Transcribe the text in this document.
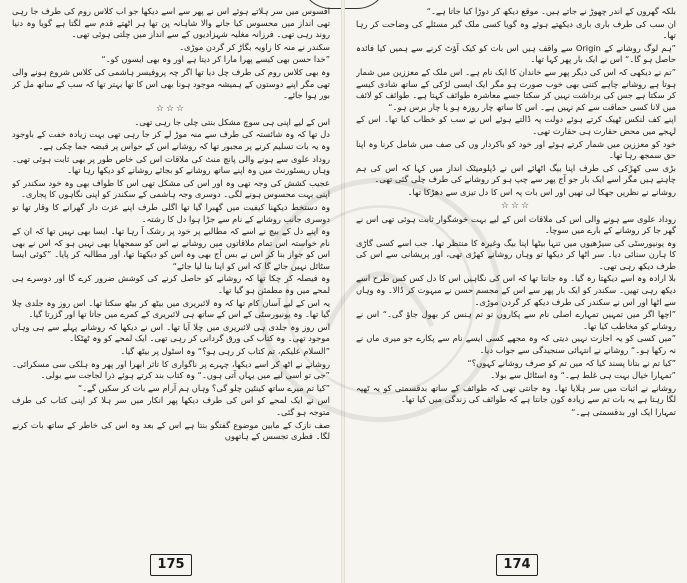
افسوس میں سر ہلاتے ہوئے اس نے پھر سے اسے دیکھا جو اب کلاس روم کی طرف جا رہی تھی انداز میں محسوس کیا جانے والا شاہانہ پن تھا ہر اٹھتے قدم سے لگتا ہے گویا وہ دنیا روند رہی تھی۔ فرزانہ مغلیہ شہزادیوں کے سے انداز میں چلتی ہوئی تھی۔

سکندر نے منہ کا زاویہ بگاڑ کر گردن موڑی۔

”خدا حسن بھی کیسے پھرا مارا کر دیتا ہے اور وہ بھی ایسوں کو۔“

وہ بھی کلاس روم کی طرف چل دیا تھا اگر چہ پروفیسر ہاشمی کی کلاس شروع ہونے والی تھی مگر اپنے دوستوں کے ہمیشہ موجود ہونا بھی اس کا تھا بہتر تھا کہ سب کے ساتھ مل کر بور ہوا جائے۔

☆☆☆

اس کے لیے اپنی ہی سوچ مشکل بنتی چلی جا رہی تھی۔

دل تھا کہ وہ شائستہ کی طرف سے منہ موڑ لے کر جا رہی تھی بہت زیادہ خفت کے باوجود وہ یہ بات تسلیم کرنے پر مجبور تھا کہ روشانے اس کے حواس پر قبضہ جما چکی ہے۔

روداد علوی سے ہونے والی پانچ منٹ کی ملاقات اس کی خاص طور پر بھی ثابت ہوئی تھی۔ وہاں ریسٹورنٹ میں وہ اپنے ساتھ روشانے کو بجائے روشانے کو دیکھا رہا تھا۔

عجیب کشش کی وجہ تھی وہ اور اس کی مشکل تھی اس کا طواف بھی وہ خود سکندر کو اپنی بہت محسوس ہونے لگی۔ دوسری وجہ ہاشمی کے سکندر کو اپنی نگاہوں کا پجاری۔

وہ دستخط دیکھنا کیفیت میں گھبرا گیا تھا اگلی طرف اپنے عزت دار گھرانے کا وقار تھا تو دوسری جانب روشانے کے نام سے جڑا ہوا دل کا رشتہ۔

وہ اپنے دل کے بیچ نے اسے کہ مطالبے پر خود پر رشک آ رہا تھا۔ ایسا بھی نہیں تھا کہ ان کے نام خواستہ اس تمام ملاقاتوں میں روشانے نے اس کو سمجھایا بھی نہیں ہو کہ اس نے بھی اس کو جواز بنا کر اس نے بس آج بھی وہ اس کو دیکھتا تھا، اور مطالبہ کر پایا۔ ”کوئی ایسا سٹائل نہیں جائے گا کہ اس کو اپنا بنا لیا جائے“

وہ فیصلہ کر چکا تھا کہ روشانے کو حاصل کرنے کی کوشش ضرور کرے گا اور دوسرے ہی لمحے میں وہ مطمئن ہو گیا تھا۔

یہ اس کے لیے آسان کام تھا کہ وہ لائبریری میں بیٹھ کر بیٹھ سکتا تھا۔ اس روز وہ جلدی چلا گیا تھا۔ وہ یونیورسٹی کے اس کے ساتھ ہی لائبریری کے کمرے میں جاتا تھا اور گزرتا گیا۔

اس روز وہ جلدی ہی لائبریری میں چلا آیا تھا۔ اس نے دیکھا کہ روشانے پہلے سے ہی وہاں موجود تھی۔ وہ کتاب کی ورق گردانی کر رہی تھی۔ ایک لمحے کو وہ ٹھٹکا۔

”السلام علیکم، تم کتاب کر رہی ہو؟“ وہ اسٹول پر بیٹھ گیا۔

روشانے نے اٹھ کر اسے دیکھا، چہرے پر ناگواری کا تاثر ابھرا اور پھر وہ ہلکی سی مسکرائی۔ ”جی تو اسی لیے میں یہاں آتی ہوں۔“ وہ کتاب بند کرتے ہوئے ذرا لجاجت سے بولی۔

”کیا تم میرے ساتھ کینٹین چلو گی؟ وہاں ہم آرام سے بات کر سکیں گے۔“

اس نے ایک لمحے کو اس کی طرف دیکھا پھر انکار میں سر ہلا کر اپنی کتاب کی طرف متوجہ ہو گئی۔

صف نازک کے مابین موضوع گفتگو بنتا ہے اس کے بعد وہ اس کی خاطر کے ساتھ بات کرنے لگا۔ فطری تجسس کے ہاتھوں

175

بلکہ گھروں کے اندر چھوڑ نے جاتے ہیں۔ موقع دیکھ کر دوڑا کیا جاتا ہے۔“

ان سب کی طرف باری باری دیکھتے ہوئے وہ گویا کسی ملک گیر مسئلے کی وضاحت کر رہا تھا۔

”ہم لوگ روشانے کے Origin سے واقف ہیں اس بات کو کیک آؤٹ کرنے سے ہمیں کیا فائدہ حاصل ہو گا۔“ اس نے ایک بار پھر کہا تھا۔

”تم نے دیکھی کہ اس کی دیگر پھر سے خاندان کا ایک نام ہے۔ اس ملک کے معززین میں شمار ہوتا ہے روشانے چاہے کتنی بھی خوب صورت ہو مگر ایک ایسی لڑکی کے ساتھ شادی کیسے کر سکتا ہے جس کی برداشت نہیں کر سکتا جسے معاشرہ طوائف کہتا ہے۔ طوائف کو لائف میں لانا کسی حماقت سے کم نہیں ہے۔ اس کا ساتھ چار روزہ ہو یا چار برس ہو۔“

اپنے کف لنکس ٹھیک کرتے ہوئے دولت پہ ڈالتے ہوئے اس نے سب کو خطاب کیا تھا۔ اس کے لہجے میں محض حقارت ہی حقارت تھی۔

خود کو معززین میں شمار کرتے ہوئے اور خود کو باکردار وں کی صف میں شامل کرنا وہ اپنا حق سمجھ رہا تھا۔

بڑی سی کھڑکی کی طرف اپنا بیگ اٹھائے اس نے ڈپلومیٹک انداز میں کہا کہ اس کی ہم چاہتے ہیں مگر اسے ایک بار جو آج پھر سے چپ ہو کر روشانے کی طرف چلی گئی تھی۔

روشانے نے نظریں جھکا لی تھیں اور اس بات پہ اس کا دل تیزی سے دھڑکا تھا۔

☆☆☆

روداد علوی سے ہونے والی اس کی ملاقات اس کے لیے بہت خوشگوار ثابت ہوئی تھی اس نے گھر جا کر روشانے کے بارے میں سوچا۔

وہ یونیورسٹی کی سیڑھیوں میں تنہا بیٹھا اپنا بیگ وغیرہ کا منتظر تھا۔ جب اسے کسی گاڑی کا ہارن سنائی دیا۔ سر اٹھا کر دیکھا تو وہاں روشانے کھڑی تھی، اور پریشانی سے اس کی طرف دیکھ رہی تھی۔

بلا ارادہ وہ اسے دیکھتا رہ گیا۔ وہ جانتا تھا کہ اس کی نگاہیں اس کا دل کس کس طرح اسے دیکھ رہی تھیں۔ سکندر کو ایک بار پھر سے اس کے مجسم حسن نے مبہوت کر ڈالا۔ وہ وہاں سے اٹھا اور اس نے سکندر کی طرف دیکھ کر گردن موڑی۔

”اچھا اگر میں تمہیں تمہارے اصلی نام سے پکاروں تو تم ہنس کر بھول جاؤ گی۔“ اس نے روشانے کو مخاطب کیا تھا۔

”میں کسی کو یہ اجازت نہیں دیتی کہ وہ مجھے کسی ایسے نام سے پکارے جو میری ماں نے نہ رکھا ہو۔“ روشانے نے انتہائی سنجیدگی سے جواب دیا۔

”کیا تم نے بتانا پسند کیا کہ میں تم کو صرف روشانے کہوں؟“

”تمہارا خیال بہت ہی غلط ہے۔“ وہ اسٹائل سے بولا۔

روشانے نے اثبات میں سر ہلایا تھا۔ وہ جانتی تھی کہ طوائف کے ساتھ بدقسمتی کو یہ ٹھپہ لگا رہتا ہے یہ بات تم سے زیادہ کون جانتا ہے کہ طوائف کی زندگی میں کیا تھا۔

تمہارا ایک اور بدقسمتی ہے۔“

174
